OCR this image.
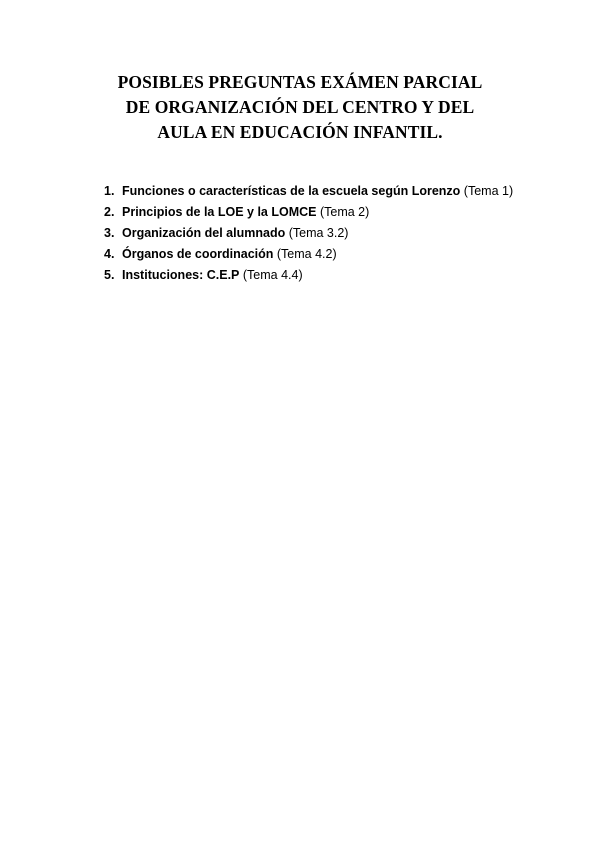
POSIBLES PREGUNTAS EXÁMEN PARCIAL
DE ORGANIZACIÓN DEL CENTRO Y DEL
AULA EN EDUCACIÓN INFANTIL.
1. Funciones o características de la escuela según Lorenzo (Tema 1)
2. Principios de la LOE y la LOMCE (Tema 2)
3. Organización del alumnado (Tema 3.2)
4. Órganos de coordinación (Tema 4.2)
5. Instituciones: C.E.P (Tema 4.4)
